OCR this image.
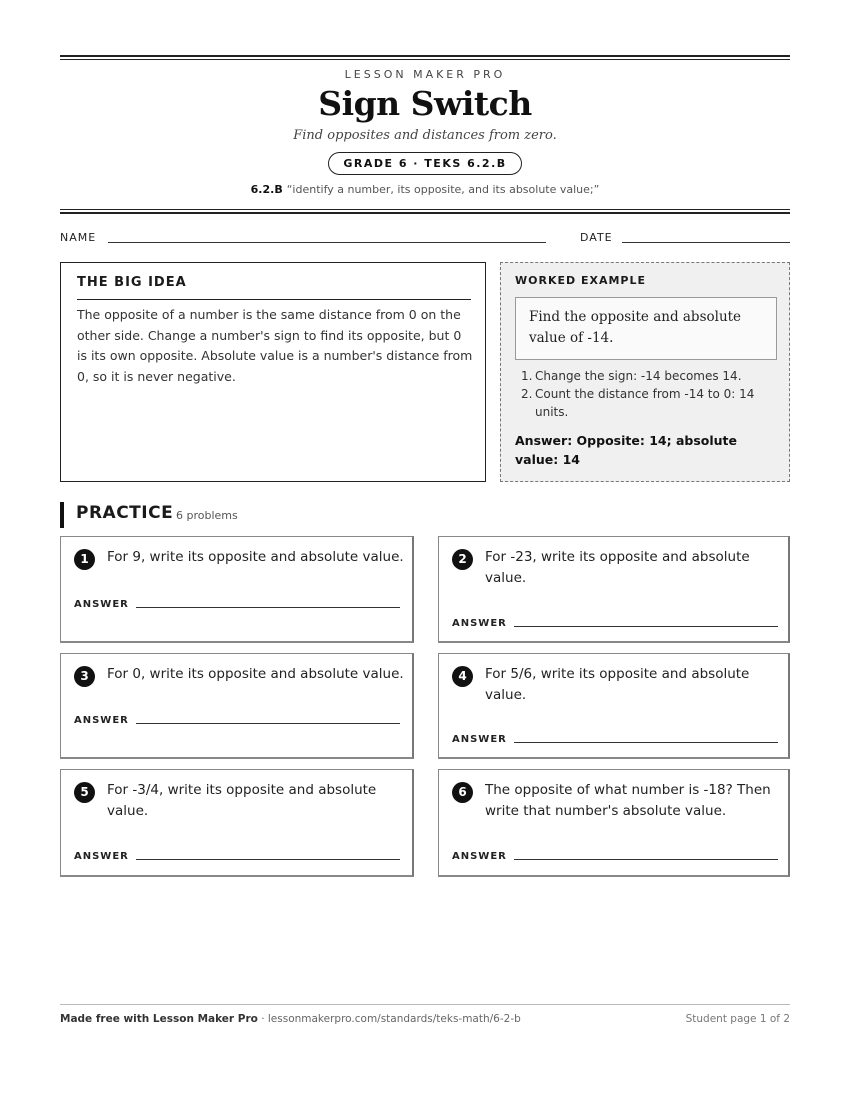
LESSON MAKER PRO
Sign Switch
Find opposites and distances from zero.
GRADE 6 · TEKS 6.2.B
6.2.B “identify a number, its opposite, and its absolute value;”
NAME	DATE
THE BIG IDEA

The opposite of a number is the same distance from 0 on the other side. Change a number's sign to find its opposite, but 0 is its own opposite. Absolute value is a number's distance from 0, so it is never negative.

WORKED EXAMPLE
Find the opposite and absolute value of -14.
1. Change the sign: -14 becomes 14.
2. Count the distance from -14 to 0: 14 units.
Answer: Opposite: 14; absolute value: 14
PRACTICE 6 problems
1	For 9, write its opposite and absolute value.
ANSWER
2	For -23, write its opposite and absolute value.
ANSWER
3	For 0, write its opposite and absolute value.
ANSWER
4	For 5/6, write its opposite and absolute value.
ANSWER
5	For -3/4, write its opposite and absolute value.
ANSWER
6	The opposite of what number is -18? Then write that number's absolute value.
ANSWER
Made free with Lesson Maker Pro · lessonmakerpro.com/standards/teks-math/6-2-b	Student page 1 of 2
